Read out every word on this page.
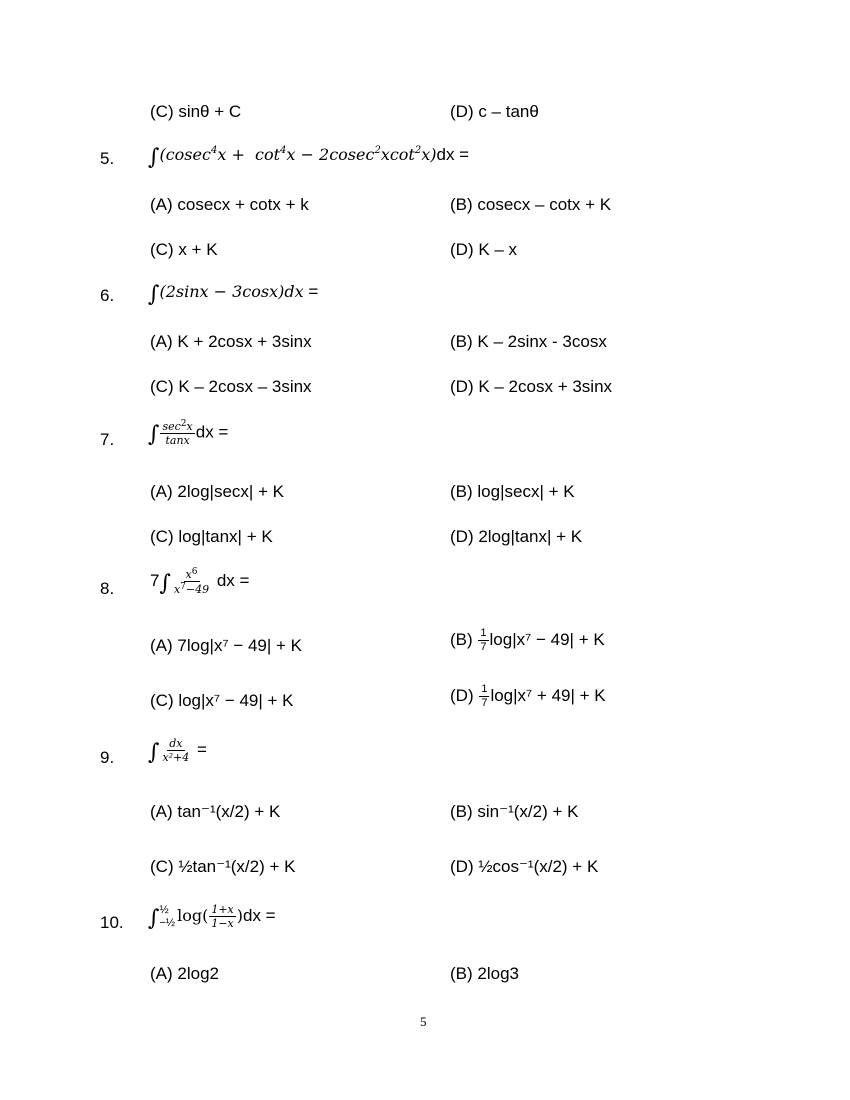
(C) sinθ + C	(D) c – tanθ
5. $\int(cosec^4x + \cot^4x - 2cosec^2xcot^2x)dx$ =
(A) cosecx + cotx + k	(B) cosecx – cotx + K
(C) x + K	(D) K – x
6. ∫(2sinx − 3cosx)dx =
(A) K + 2cosx + 3sinx	(B) K – 2sinx - 3cosx
(C) K – 2cosx – 3sinx	(D) K – 2cosx + 3sinx
7. ∫ $\frac{\sec^2x}{\tan x}$ dx =
(A) 2log|secx| + K	(B) log|secx| + K
(C) log|tanx| + K	(D) 2log|tanx| + K
8. $7\int \frac{x^6}{x^7-49}$ dx =
(A) 7log|x⁷ − 49| + K	$(B) \frac{1}{7} \log|x^7 - 49| + K$
(C) log|x⁷ − 49| + K	$(D) \frac{1}{7} \log|x^7 + 49| + K$
9. ∫ $\frac{dx}{\text{x²+4}}$ =
(A) tan⁻¹(x/2) + K	(B) sin⁻¹(x/2) + K
(C) ½tan⁻¹(x/2) + K	(D) ½cos⁻¹(x/2) + K
10. ∫ ½
−½ $\log( \frac{1+x}{1-x} )dx$ =
(A) 2log2	(B) 2log3
5
